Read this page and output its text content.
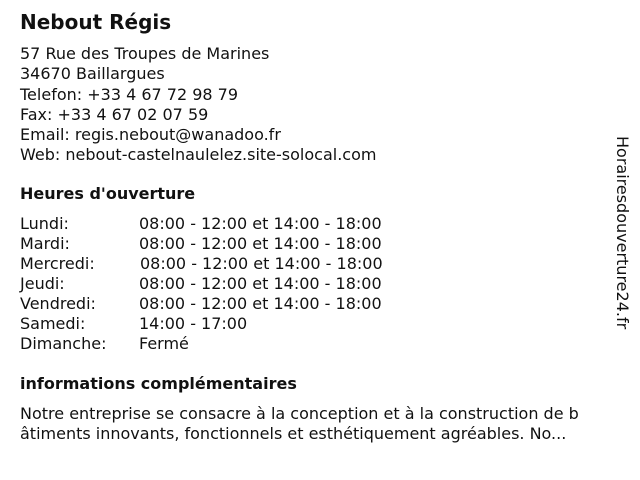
Nebout Régis
57 Rue des Troupes de Marines
34670 Baillargues
Telefon: +33 4 67 72 98 79
Fax: +33 4 67 02 07 59
Email: regis.nebout@wanadoo.fr
Web: nebout-castelnaulelez.site-solocal.com
Heures d'ouverture
Lundi:	08:00 - 12:00 et 14:00 - 18:00
Mardi:	08:00 - 12:00 et 14:00 - 18:00
Mercredi:	08:00 - 12:00 et 14:00 - 18:00
Jeudi:	08:00 - 12:00 et 14:00 - 18:00
Vendredi:	08:00 - 12:00 et 14:00 - 18:00
Samedi:	14:00 - 17:00
Dimanche: Fermé
informations complémentaires
Notre entreprise se consacre à la conception et à la construction de b
âtiments innovants, fonctionnels et esthétiquement agréables. No...
Horairesdouverture24.fr
